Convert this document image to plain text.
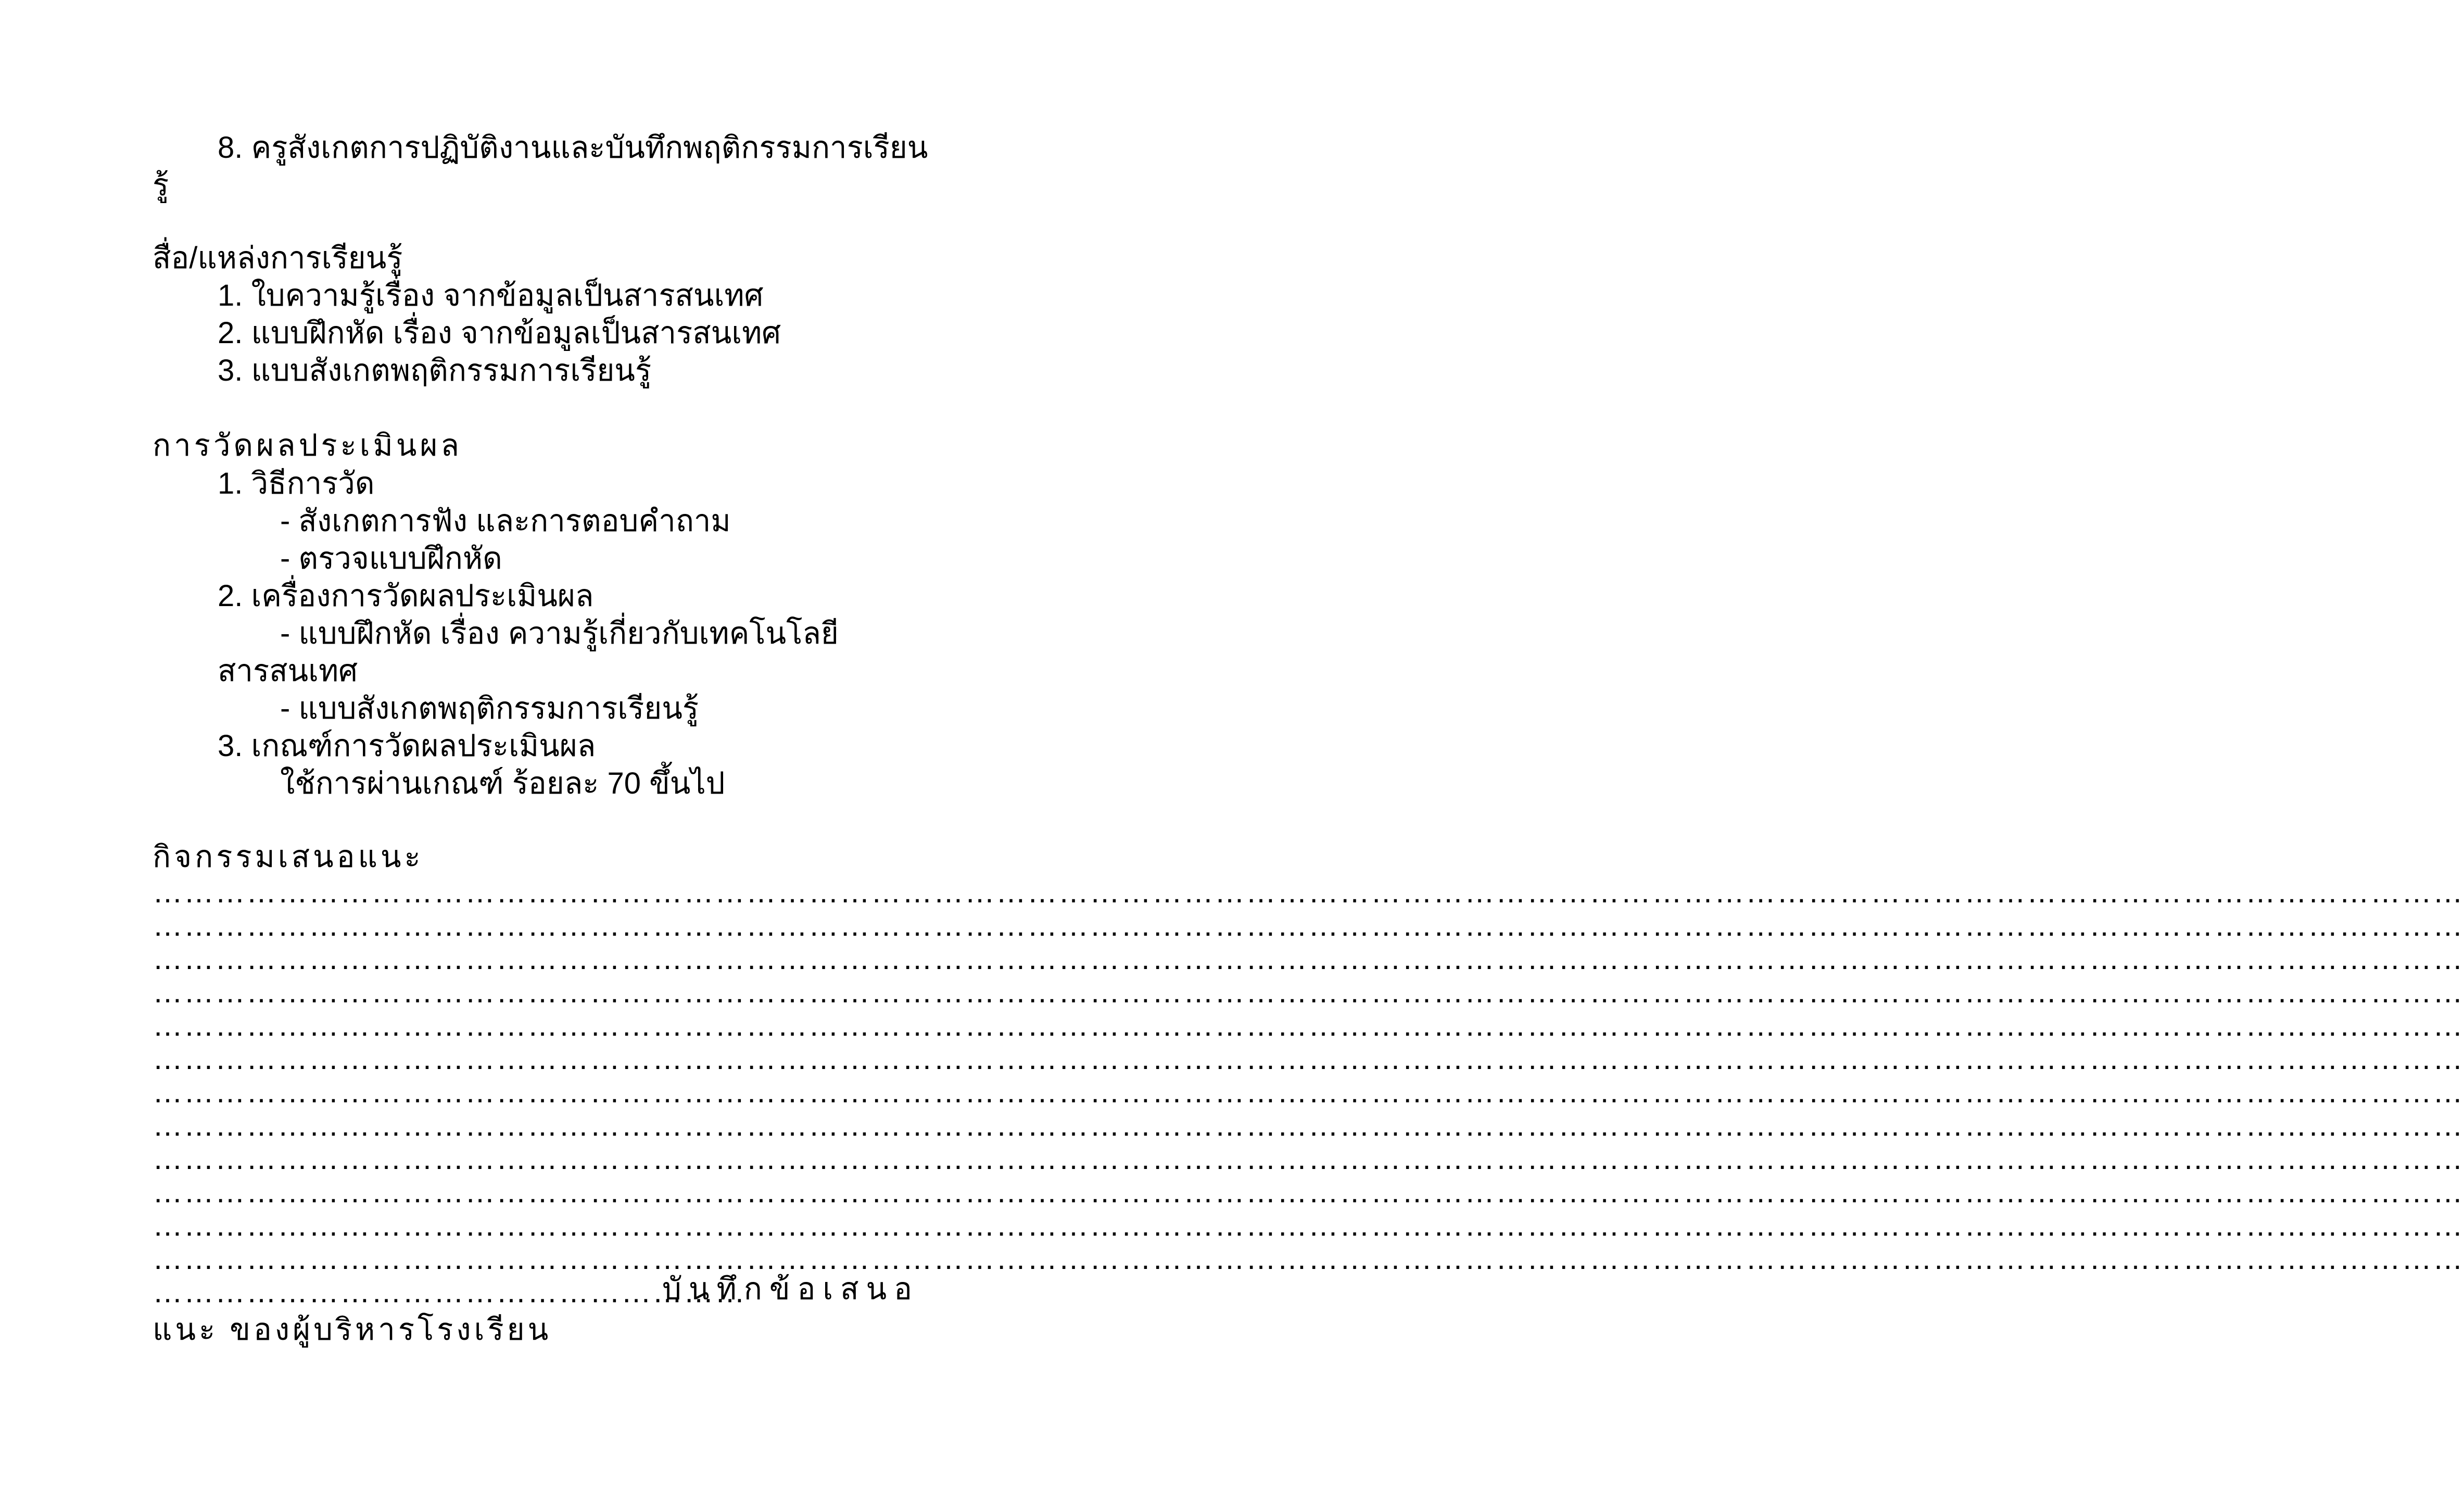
8. ครูสังเกตการปฏิบัติงานและบันทึกพฤติกรรมการเรียน
รู้
สื่อ/แหล่งการเรียนรู้
1. ใบความรู้เรื่อง จากข้อมูลเป็นสารสนเทศ
2. แบบฝึกหัด เรื่อง จากข้อมูลเป็นสารสนเทศ
3. แบบสังเกตพฤติกรรมการเรียนรู้
การวัดผลประเมินผล
1. วิธีการวัด
- สังเกตการฟัง และการตอบคำถาม
- ตรวจแบบฝึกหัด
2. เครื่องการวัดผลประเมินผล
- แบบฝึกหัด เรื่อง ความรู้เกี่ยวกับเทคโนโลยี
สารสนเทศ
- แบบสังเกตพฤติกรรมการเรียนรู้
3. เกณฑ์การวัดผลประเมินผล
ใช้การผ่านเกณฑ์ ร้อยละ 70 ขึ้นไป
กิจกรรมเสนอแนะ
……………………………………………………………………………………………………………………………………………………………………………………………………
……………………………………………………………………………………………………………………………………………………………………………………………………
……………………………………………………………………………………………………………………………………………………………………………………………………
……………………………………………………………………………………………………………………………………………………………………………………………………
……………………………………………………………………………………………………………………………………………………………………………………………………
……………………………………………………………………………………………………………………………………………………………………………………………………
……………………………………………………………………………………………………………………………………………………………………………………………………
……………………………………………………………………………………………………………………………………………………………………………………………………
……………………………………………………………………………………………………………………………………………………………………………………………………
……………………………………………………………………………………………………………………………………………………………………………………………………
……………………………………………………………………………………………………………………………………………………………………………………………………
……………………………………………………………………………………………………………………………………………………………………………………………………
…………………………………………………
บันทึกข้อเสนอ
แนะ ของผู้บริหารโรงเรียน
